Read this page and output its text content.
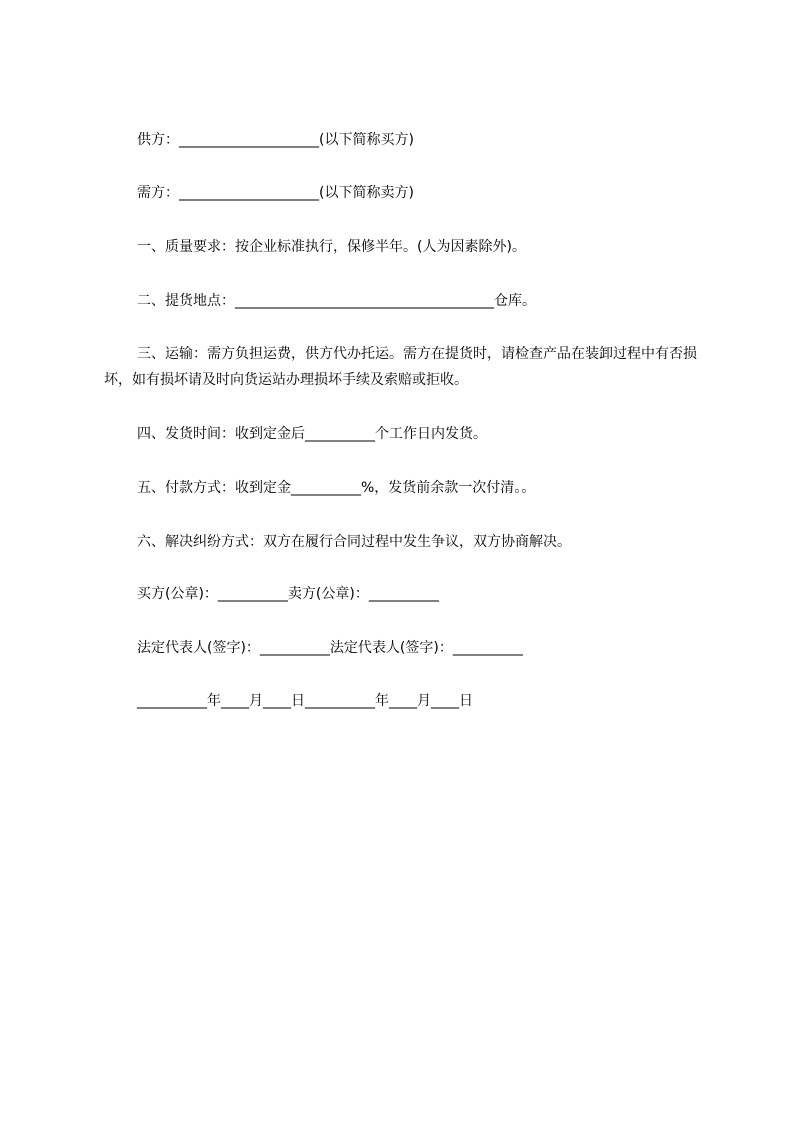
供方：____________________(以下简称买方)
需方：____________________(以下简称卖方)
一、质量要求：按企业标准执行，保修半年。(人为因素除外)。
二、提货地点：_____________________________________仓库。
三、运输：需方负担运费，供方代办托运。需方在提货时，请检查产品在装卸过程中有否损坏，如有损坏请及时向货运站办理损坏手续及索赔或拒收。
四、发货时间：收到定金后__________个工作日内发货。
五、付款方式：收到定金__________%，发货前余款一次付清。。
六、解决纠纷方式：双方在履行合同过程中发生争议，双方协商解决。
买方(公章)：__________卖方(公章)：__________
法定代表人(签字)：__________法定代表人(签字)：__________
__________年____月____日__________年____月____日
